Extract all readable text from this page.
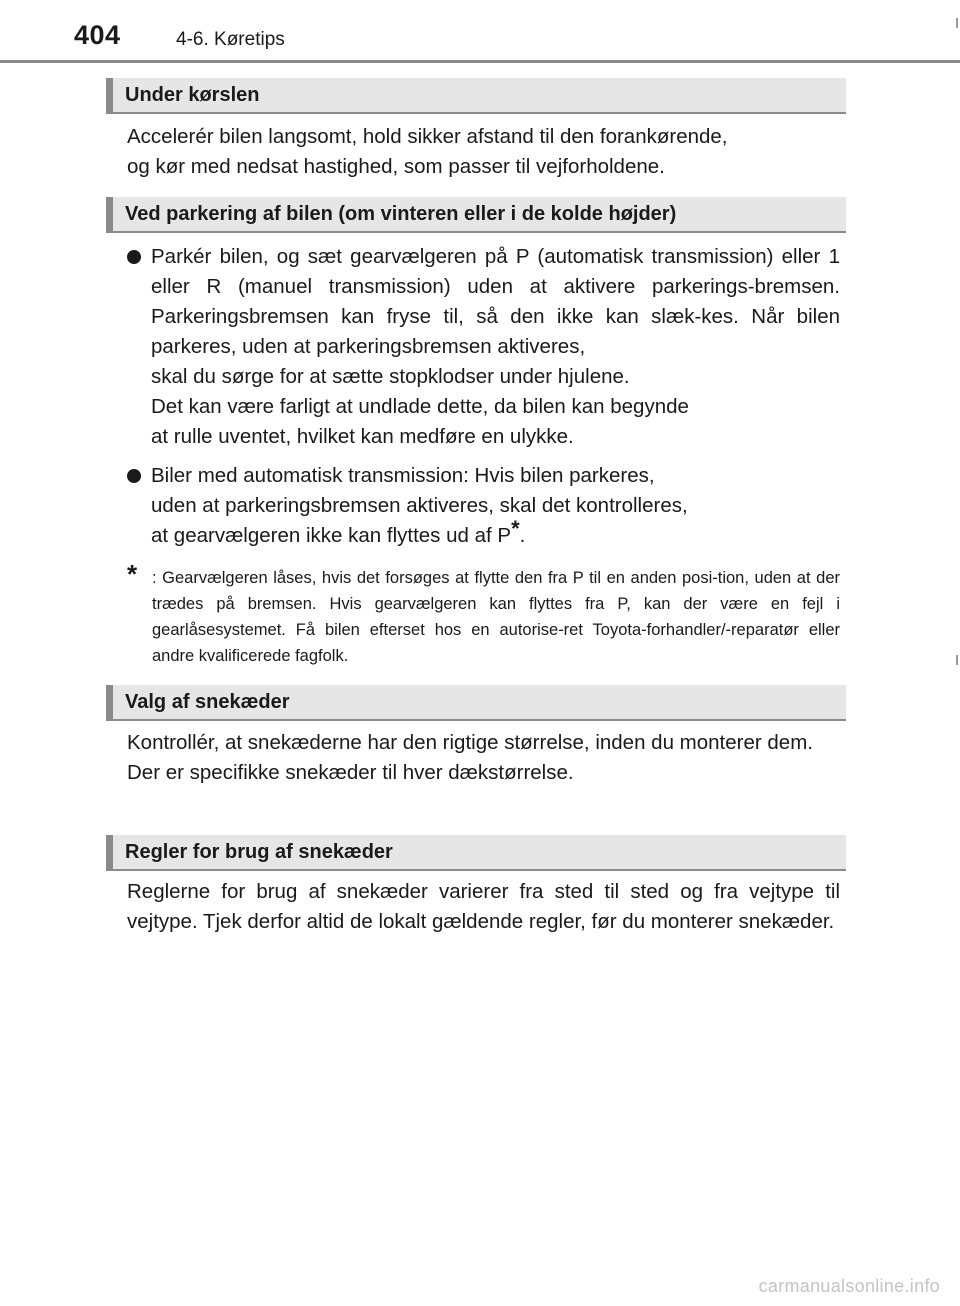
404	4-6. Køretips
Under kørslen
Accelerér bilen langsomt, hold sikker afstand til den forankørende,
og kør med nedsat hastighed, som passer til vejforholdene.
Ved parkering af bilen (om vinteren eller i de kolde højder)

Parkér bilen, og sæt gearvælgeren på P (automatisk transmission) eller 1 eller R (manuel transmission) uden at aktivere parkerings-bremsen. Parkeringsbremsen kan fryse til, så den ikke kan slæk-kes. Når bilen parkeres, uden at parkeringsbremsen aktiveres,

skal du sørge for at sætte stopklodser under hjulene.

Det kan være farligt at undlade dette, da bilen kan begynde

at rulle uventet, hvilket kan medføre en ulykke.

Biler med automatisk transmission: Hvis bilen parkeres,

uden at parkeringsbremsen aktiveres, skal det kontrolleres,

at gearvælgeren ikke kan flyttes ud af P*.

* : Gearvælgeren låses, hvis det forsøges at flytte den fra P til en anden posi-tion, uden at der trædes på bremsen. Hvis gearvælgeren kan flyttes fra P, kan der være en fejl i gearlåsesystemet. Få bilen efterset hos en autorise-ret Toyota-forhandler/-reparatør eller andre kvalificerede fagfolk.
Valg af snekæder
Kontrollér, at snekæderne har den rigtige størrelse, inden du monterer dem.
Der er specifikke snekæder til hver dækstørrelse.
Regler for brug af snekæder
Reglerne for brug af snekæder varierer fra sted til sted og fra vejtype til vejtype. Tjek derfor altid de lokalt gældende regler, før du monterer snekæder.
carmanualsonline.info
